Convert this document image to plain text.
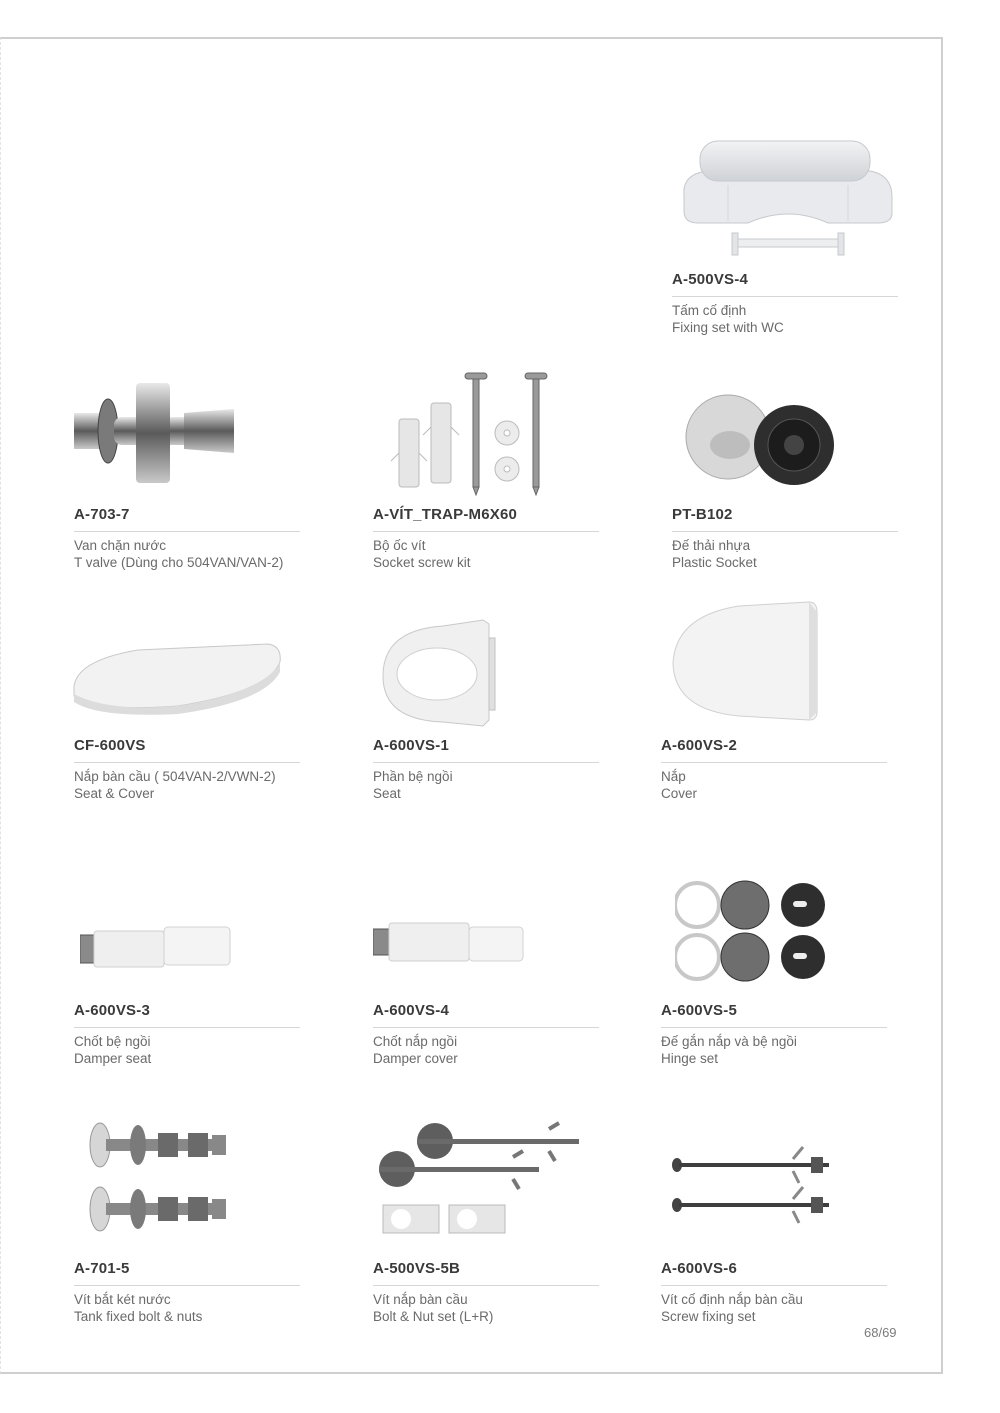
A-500VS-4
Tấm cố định
Fixing set with WC
A-703-7
Van chặn nước
T valve (Dùng cho 504VAN/VAN-2)
A-VÍT_TRAP-M6X60
Bộ ốc vít
Socket screw kit
PT-B102
Đế thải nhựa
Plastic Socket
CF-600VS
Nắp bàn cầu ( 504VAN-2/VWN-2)
Seat & Cover
A-600VS-1
Phần bệ ngồi
Seat
A-600VS-2
Nắp
Cover
A-600VS-3
Chốt bệ ngồi
Damper seat
A-600VS-4
Chốt nắp ngồi
Damper cover
A-600VS-5
Đế gắn nắp và bệ ngồi
Hinge set
A-701-5
Vít bắt két nước
Tank fixed bolt & nuts
A-500VS-5B
Vít nắp bàn cầu
Bolt & Nut set (L+R)
A-600VS-6
Vít cố định nắp bàn cầu
Screw fixing set
68/69
